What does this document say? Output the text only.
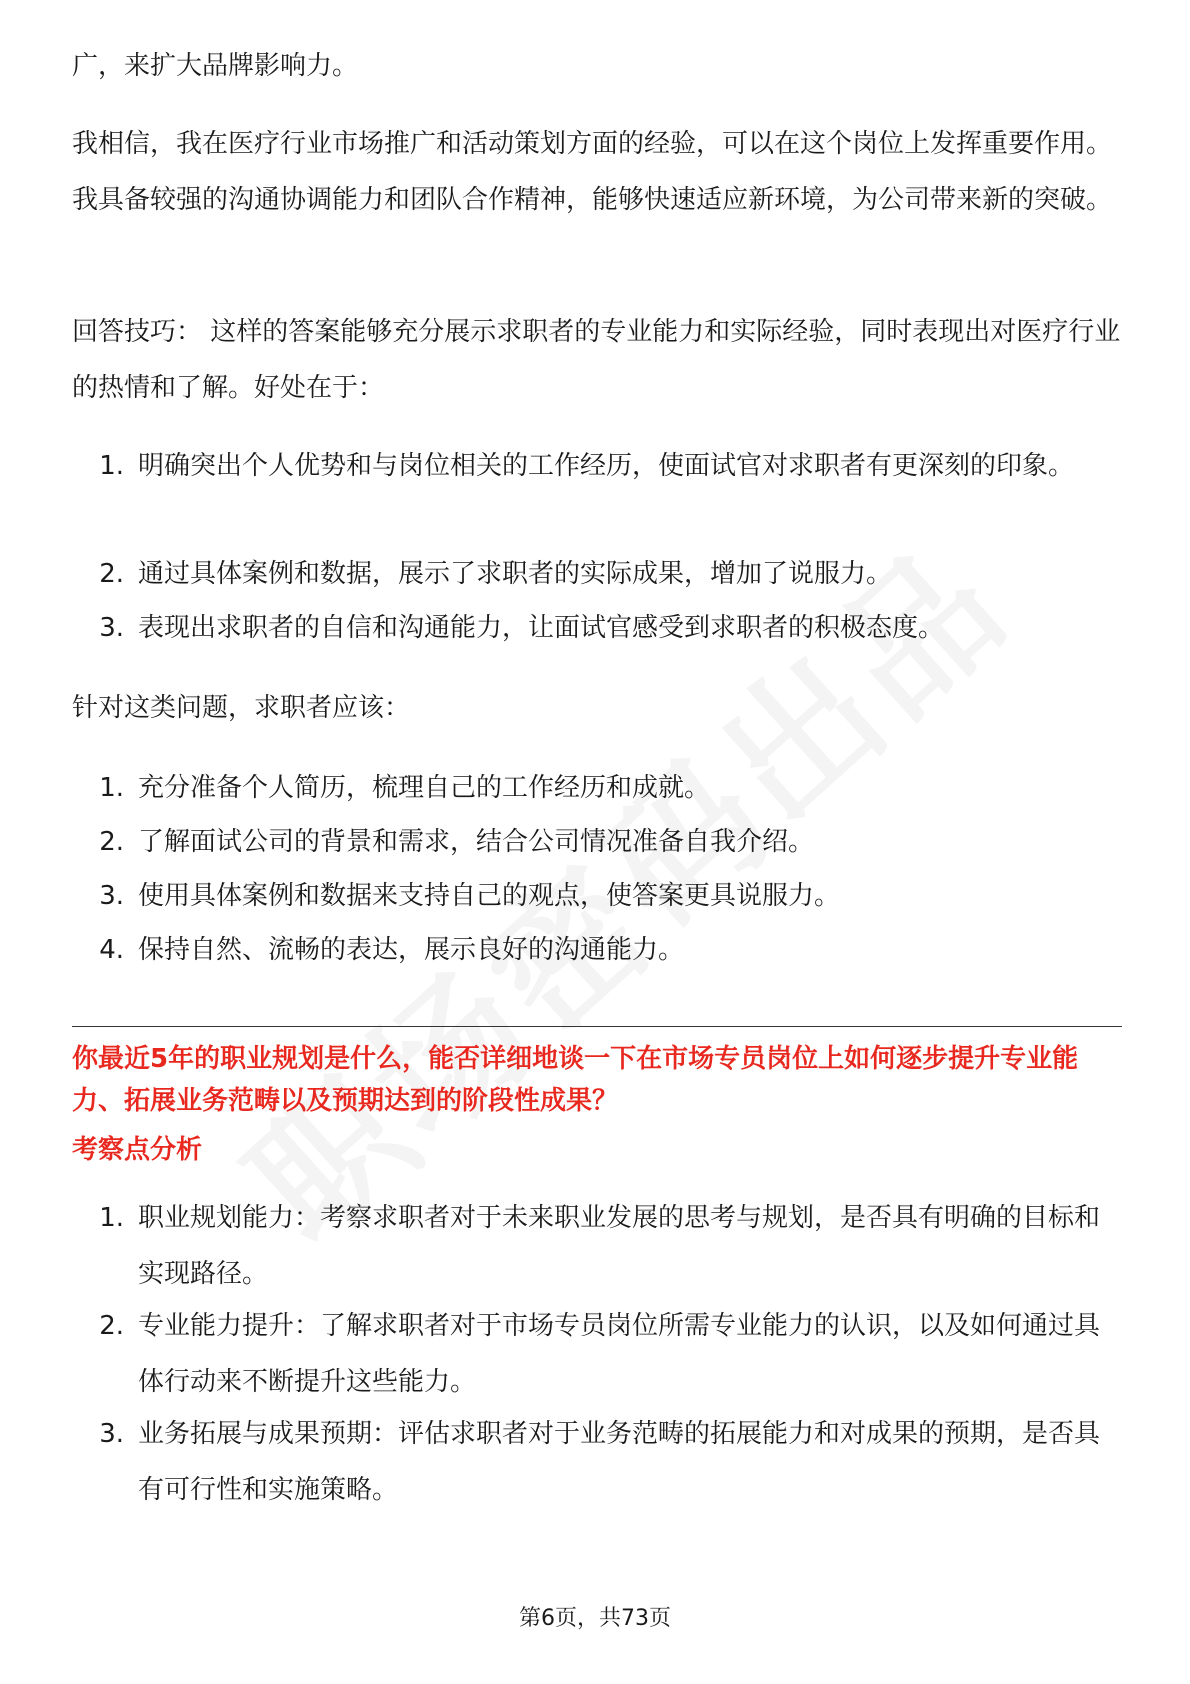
广，来扩大品牌影响力。

我相信，我在医疗行业市场推广和活动策划方面的经验，可以在这个岗位上发挥重要作用。我具备较强的沟通协调能力和团队合作精神，能够快速适应新环境，为公司带来新的突破。

回答技巧： 这样的答案能够充分展示求职者的专业能力和实际经验，同时表现出对医疗行业的热情和了解。好处在于：

1. 明确突出个人优势和与岗位相关的工作经历，使面试官对求职者有更深刻的印象。
2. 通过具体案例和数据，展示了求职者的实际成果，增加了说服力。
3. 表现出求职者的自信和沟通能力，让面试官感受到求职者的积极态度。

针对这类问题，求职者应该：

1. 充分准备个人简历，梳理自己的工作经历和成就。
2. 了解面试公司的背景和需求，结合公司情况准备自我介绍。
3. 使用具体案例和数据来支持自己的观点，使答案更具说服力。
4. 保持自然、流畅的表达，展示良好的沟通能力。

你最近5年的职业规划是什么，能否详细地谈一下在市场专员岗位上如何逐步提升专业能力、拓展业务范畴以及预期达到的阶段性成果？

考察点分析

1. 职业规划能力：考察求职者对于未来职业发展的思考与规划，是否具有明确的目标和实现路径。
2. 专业能力提升：了解求职者对于市场专员岗位所需专业能力的认识，以及如何通过具体行动来不断提升这些能力。
3. 业务拓展与成果预期：评估求职者对于业务范畴的拓展能力和对成果的预期，是否具有可行性和实施策略。
第6页，共73页
